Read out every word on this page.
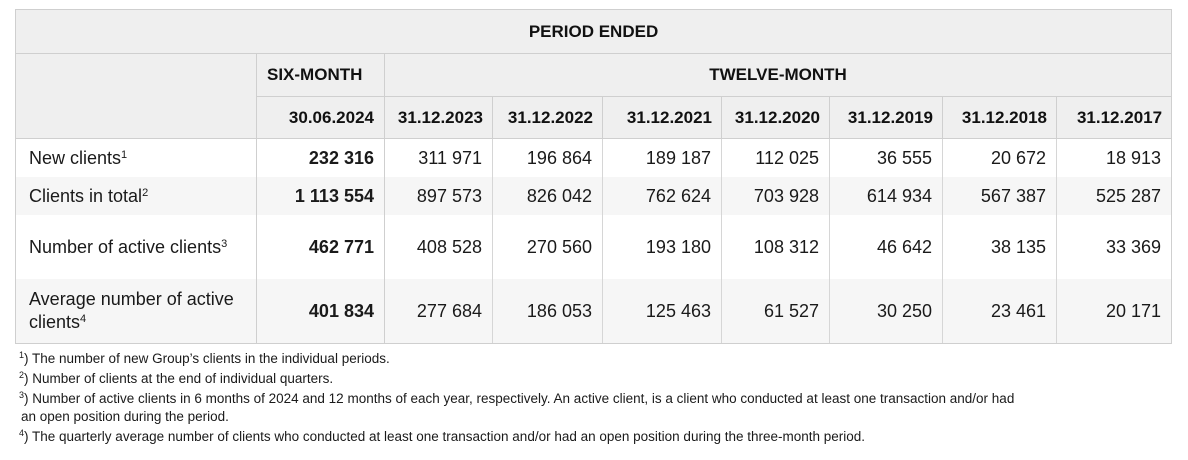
PERIOD ENDED								
	SIX-MONTH	TWELVE-MONTH						
	30.06.2024	31.12.2023	31.12.2022	31.12.2021	31.12.2020	31.12.2019	31.12.2018	31.12.2017
New clients$^1$	232 316	311 971	196 864	189 187	112 025	36 555	20 672	18 913
Clients in total$^2$	1 113 554	897 573	826 042	762 624	703 928	614 934	567 387	525 287
Number of active clients$^3$	462 771	408 528	270 560	193 180	108 312	46 642	38 135	33 369
Average number of active clients$^4$	401 834	277 684	186 053	125 463	61 527	30 250	23 461	20 171
$^1$) The number of new Group’s clients in the individual periods.
$^2$) Number of clients at the end of individual quarters.
$^3$) Number of active clients in 6 months of 2024 and 12 months of each year, respectively. An active client, is a client who conducted at least one transaction and/or had
an open position during the period.
$^4$) The quarterly average number of clients who conducted at least one transaction and/or had an open position during the three-month period.
